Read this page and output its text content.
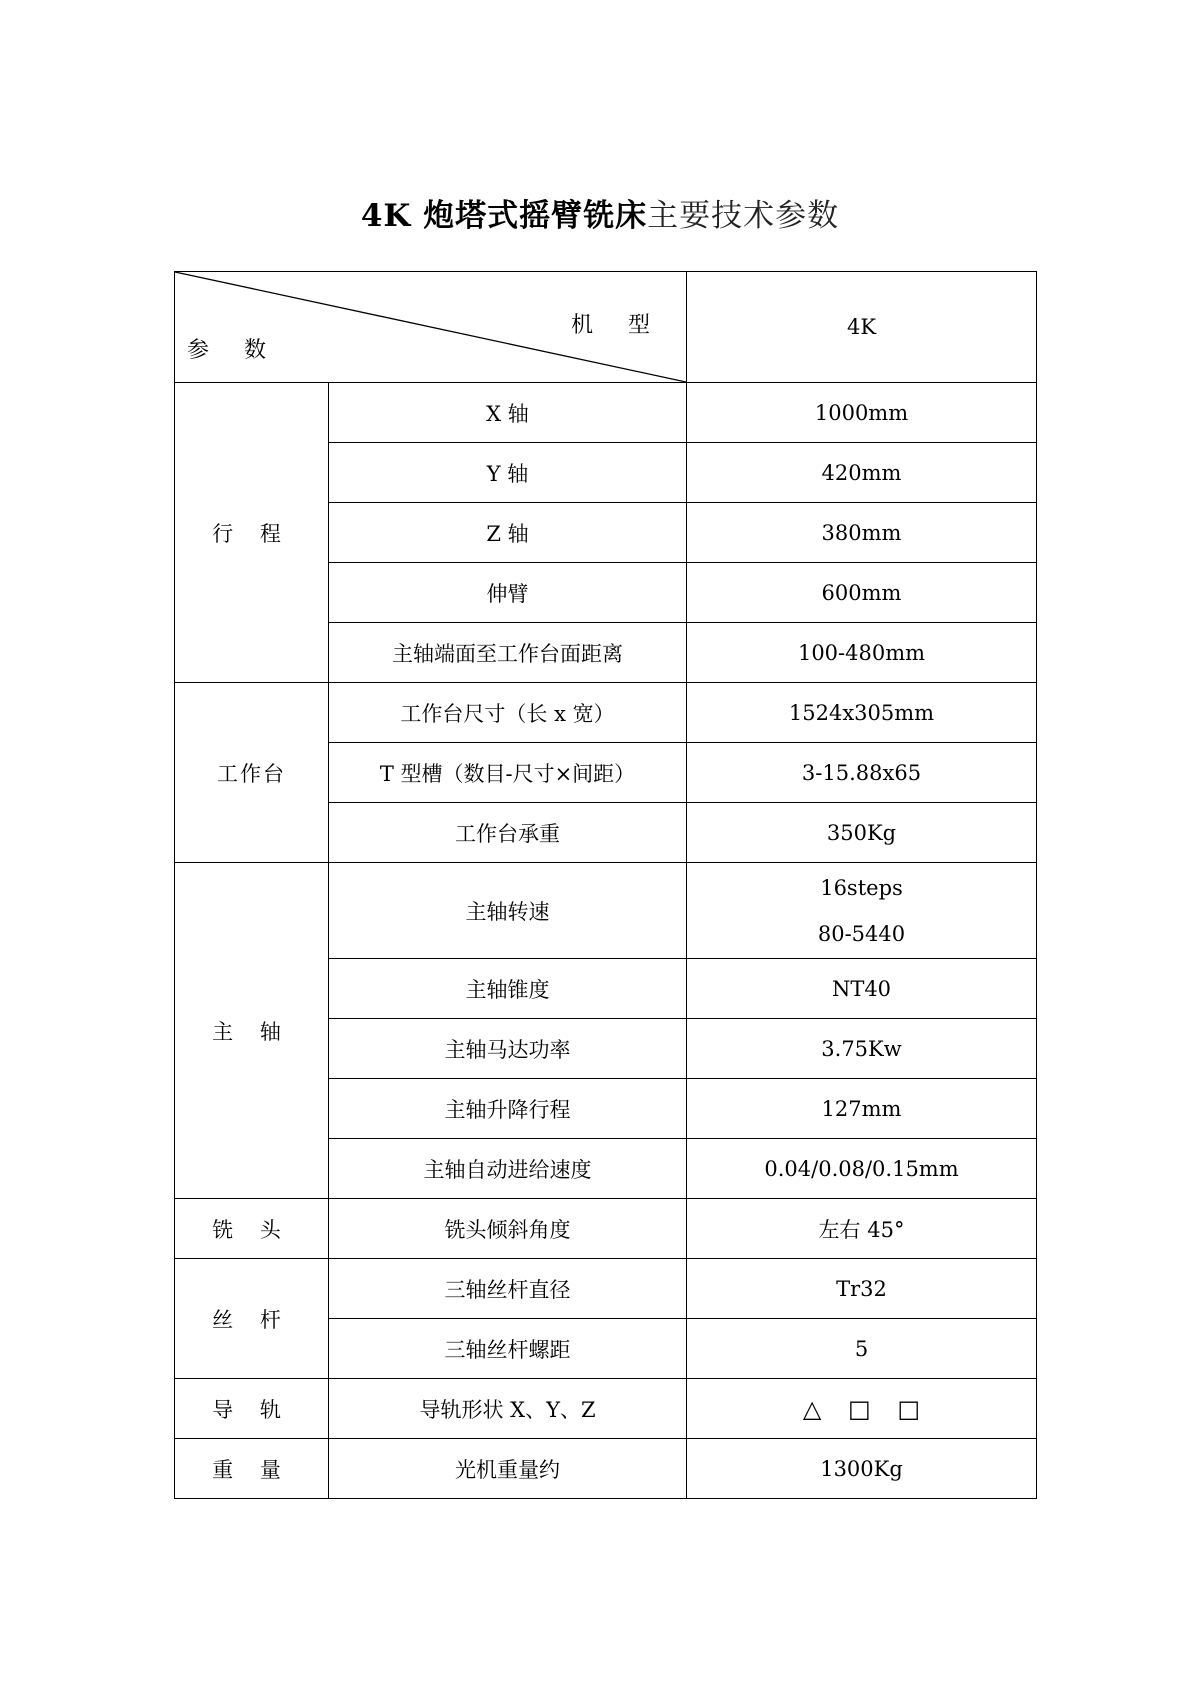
4K 炮塔式摇臂铣床主要技术参数
机 型
参 数		4K
行 程	X 轴	1000mm
	Y 轴	420mm
	Z 轴	380mm
	伸臂	600mm
	主轴端面至工作台面距离	100-480mm
工作台	工作台尺寸（长 x 宽）	1524x305mm
	T 型槽（数目-尺寸×间距）	3-15.88x65
	工作台承重	350Kg
主 轴	主轴转速	16steps
80-5440

	主轴锥度	NT40
	主轴马达功率	3.75Kw
	主轴升降行程	127mm
	主轴自动进给速度	0.04/0.08/0.15mm
铣 头	铣头倾斜角度	左右 45°
丝 杆	三轴丝杆直径	Tr32
	三轴丝杆螺距	5
导 轨	导轨形状 X、Y、Z	△ □ □
重 量	光机重量约	1300Kg
